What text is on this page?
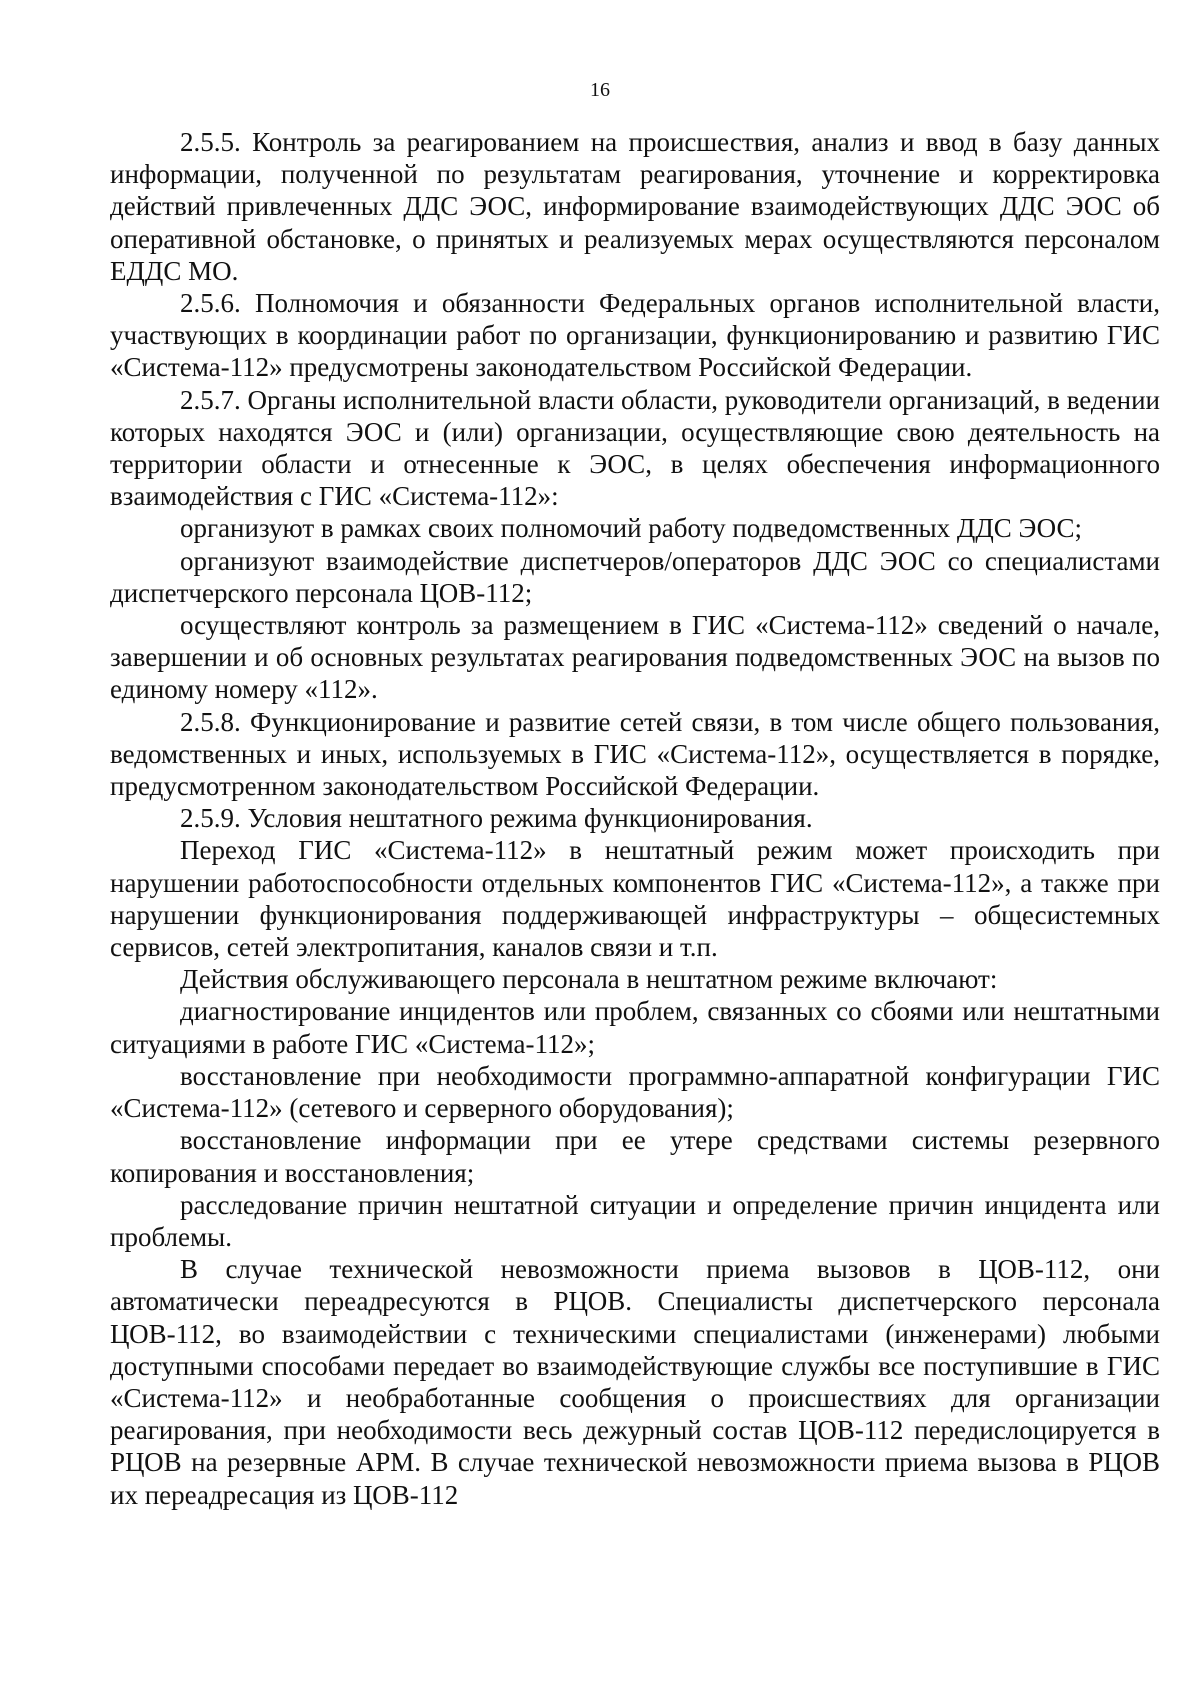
16

2.5.5. Контроль за реагированием на происшествия, анализ и ввод в базу данных информации, полученной по результатам реагирования, уточнение и корректировка действий привлеченных ДДС ЭОС, информирование взаимодействующих ДДС ЭОС об оперативной обстановке, о принятых и реализуемых мерах осуществляются персоналом ЕДДС МО.

2.5.6. Полномочия и обязанности Федеральных органов исполнительной власти, участвующих в координации работ по организации, функционированию и развитию ГИС «Система-112» предусмотрены законодательством Российской Федерации.

2.5.7. Органы исполнительной власти области, руководители организаций, в ведении которых находятся ЭОС и (или) организации, осуществляющие свою деятельность на территории области и отнесенные к ЭОС, в целях обеспечения информационного взаимодействия с ГИС «Система-112»:

организуют в рамках своих полномочий работу подведомственных ДДС ЭОС;

организуют взаимодействие диспетчеров/операторов ДДС ЭОС со специалистами диспетчерского персонала ЦОВ-112;

осуществляют контроль за размещением в ГИС «Система-112» сведений о начале, завершении и об основных результатах реагирования подведомственных ЭОС на вызов по единому номеру «112».

2.5.8. Функционирование и развитие сетей связи, в том числе общего пользования, ведомственных и иных, используемых в ГИС «Система-112», осуществляется в порядке, предусмотренном законодательством Российской Федерации.

2.5.9. Условия нештатного режима функционирования.

Переход ГИС «Система-112» в нештатный режим может происходить при нарушении работоспособности отдельных компонентов ГИС «Система-112», а также при нарушении функционирования поддерживающей инфраструктуры – общесистемных сервисов, сетей электропитания, каналов связи и т.п.

Действия обслуживающего персонала в нештатном режиме включают:

диагностирование инцидентов или проблем, связанных со сбоями или нештатными ситуациями в работе ГИС «Система-112»;

восстановление при необходимости программно-аппаратной конфигурации ГИС «Система-112» (сетевого и серверного оборудования);

восстановление информации при ее утере средствами системы резервного копирования и восстановления;

расследование причин нештатной ситуации и определение причин инцидента или проблемы.

В случае технической невозможности приема вызовов в ЦОВ-112, они автоматически переадресуются в РЦОВ. Специалисты диспетчерского персонала ЦОВ-112, во взаимодействии с техническими специалистами (инженерами) любыми доступными способами передает во взаимодействующие службы все поступившие в ГИС «Система-112» и необработанные сообщения о происшествиях для организации реагирования, при необходимости весь дежурный состав ЦОВ-112 передислоцируется в РЦОВ на резервные АРМ. В случае технической невозможности приема вызова в РЦОВ их переадресация из ЦОВ-112
